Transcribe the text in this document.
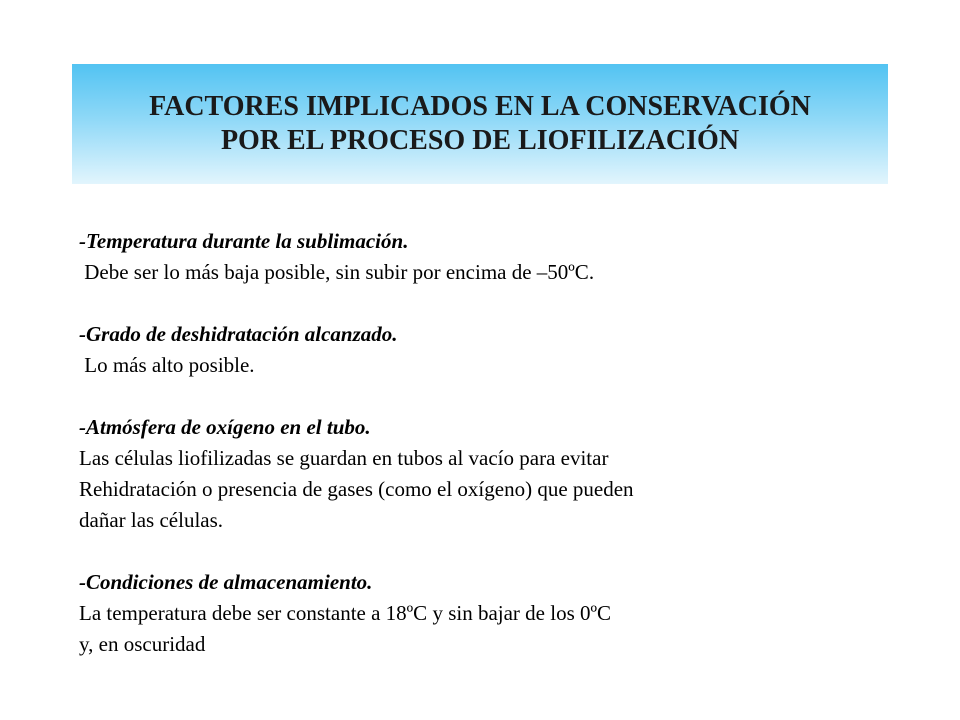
FACTORES IMPLICADOS EN LA CONSERVACIÓN
POR EL PROCESO DE LIOFILIZACIÓN
-Temperatura durante la sublimación.
Debe ser lo más baja posible, sin subir por encima de –50ºC.
-Grado de deshidratación alcanzado.
Lo más alto posible.
-Atmósfera de oxígeno en el tubo.
Las células liofilizadas se guardan en tubos al vacío para evitar
Rehidratación o presencia de gases (como el oxígeno) que pueden
dañar las células.
-Condiciones de almacenamiento.
La temperatura debe ser constante a 18ºC y sin bajar de los 0ºC
y, en oscuridad
